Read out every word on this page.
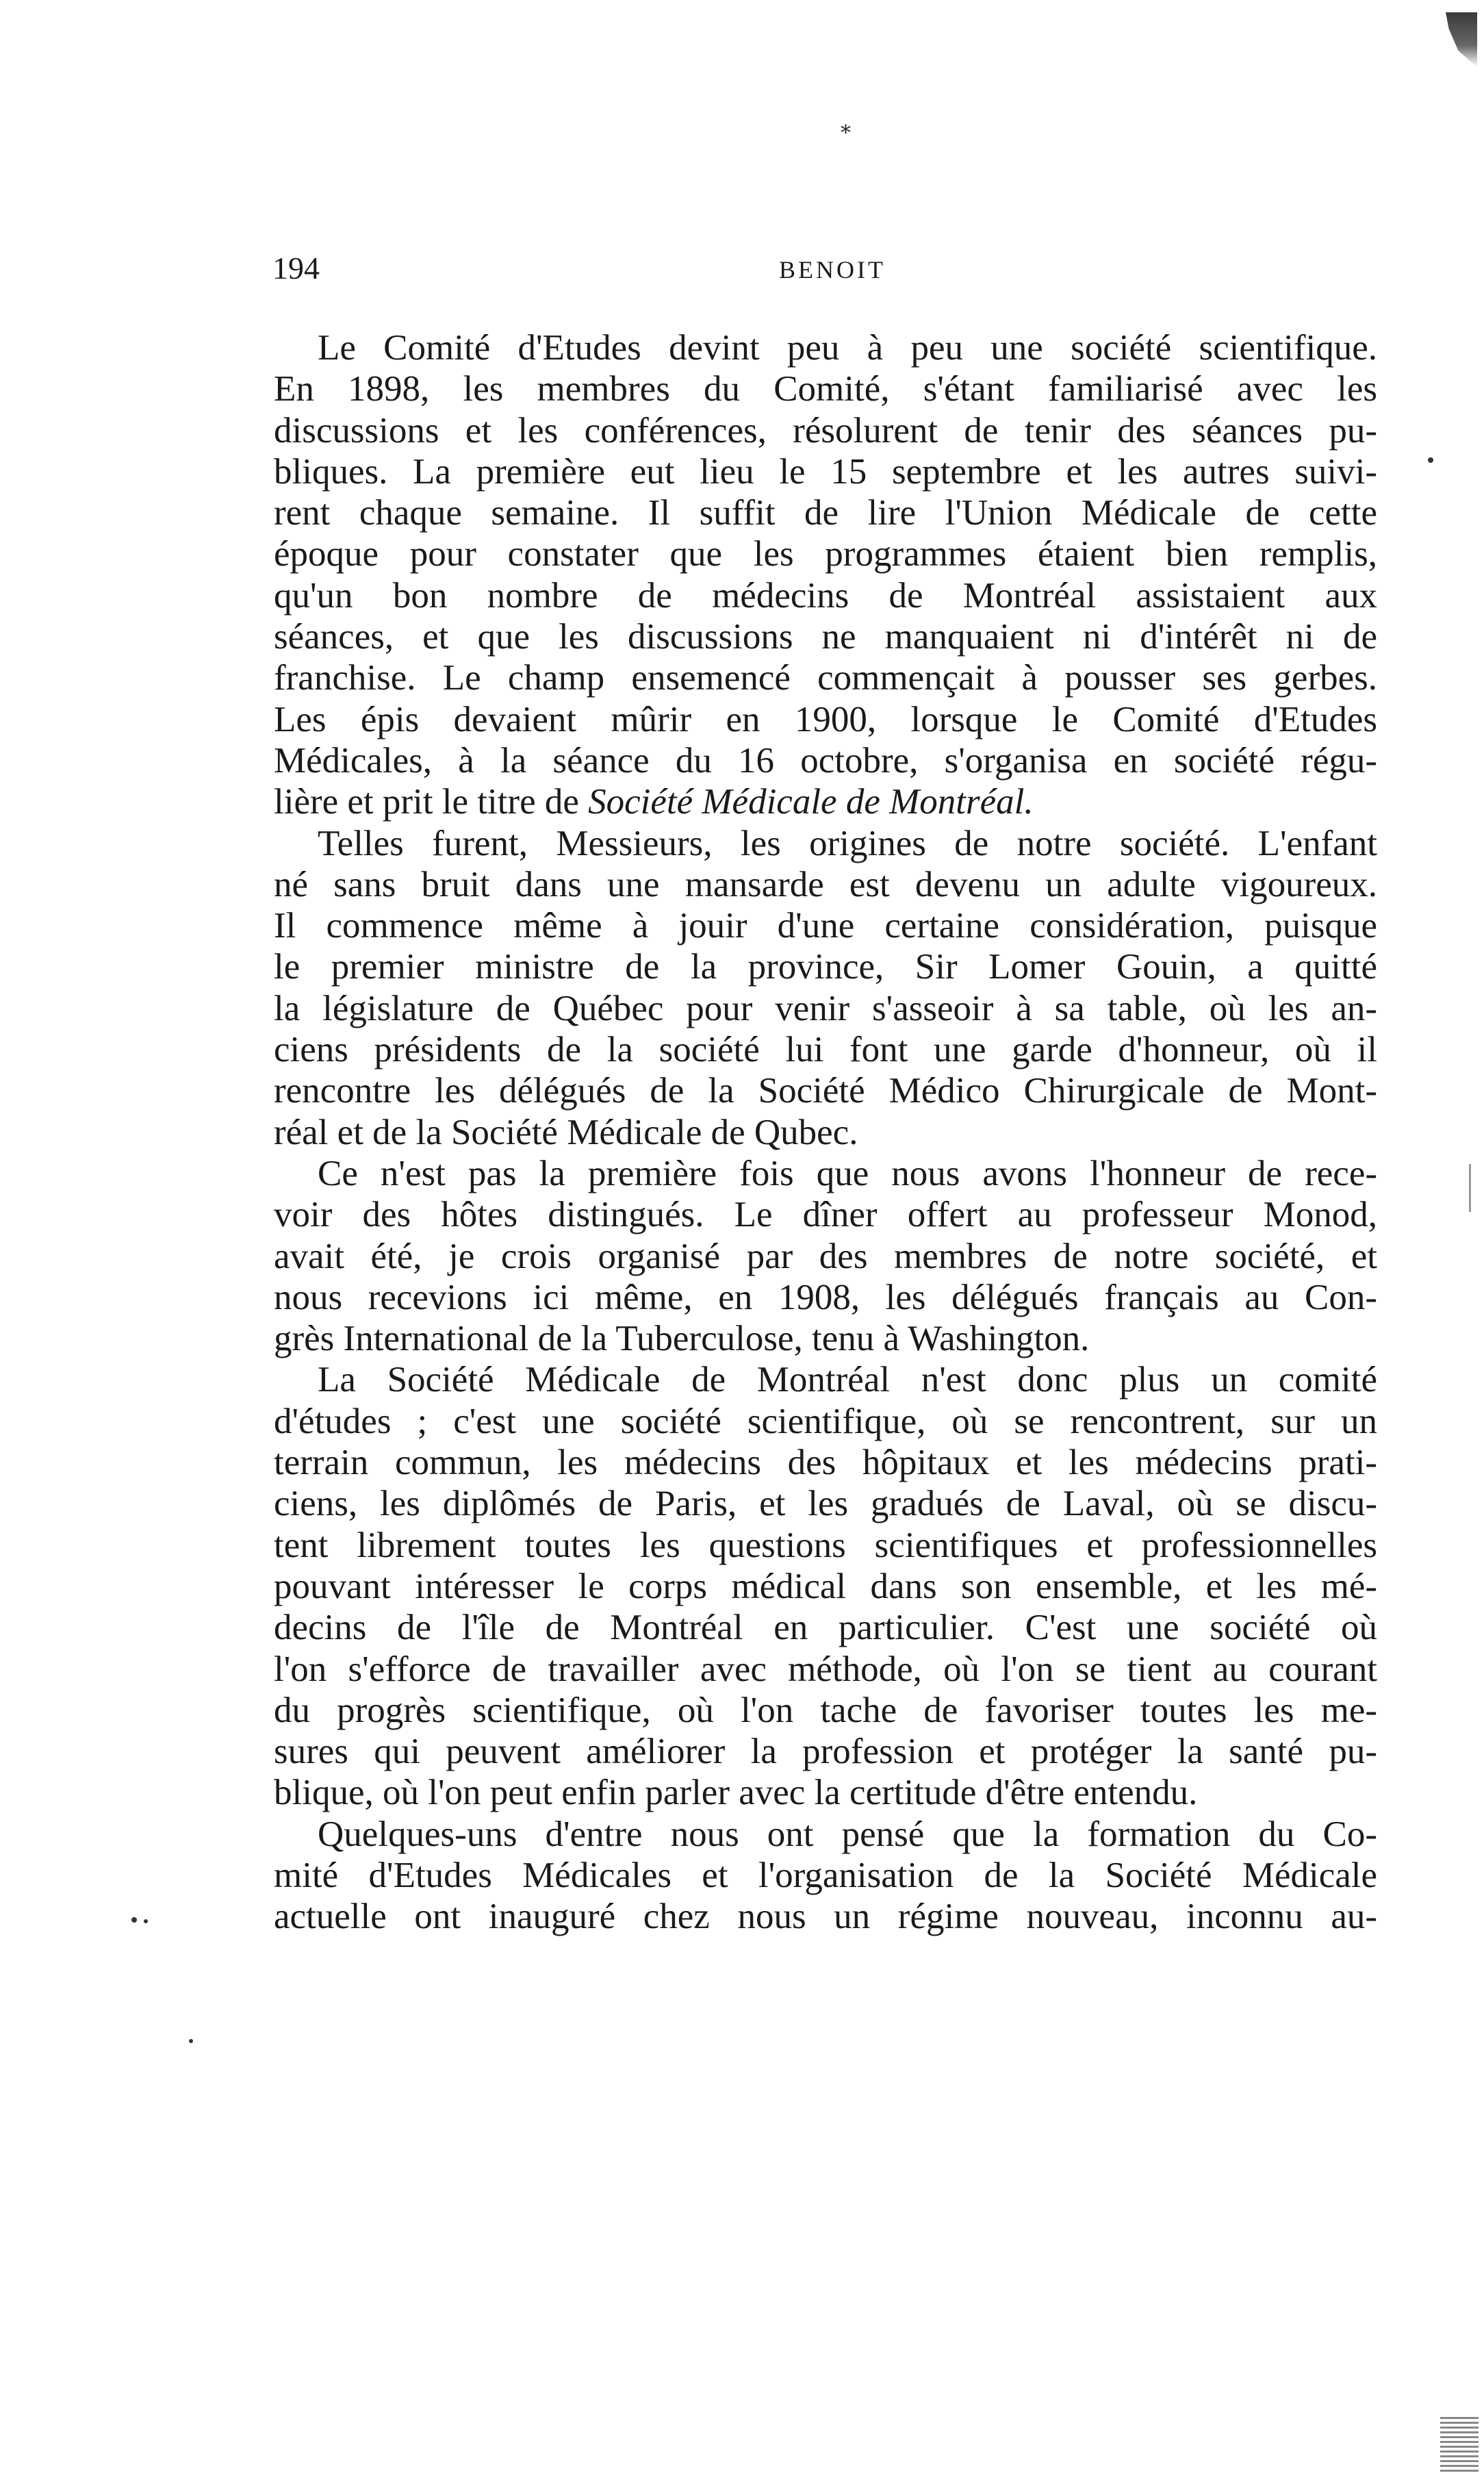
*
194	BENOIT

Le Comité d'Etudes devint peu à peu une société scientifique.
En 1898, les membres du Comité, s'étant familiarisé avec les
discussions et les conférences, résolurent de tenir des séances pu-
bliques. La première eut lieu le 15 septembre et les autres suivi-
rent chaque semaine. Il suffit de lire l'Union Médicale de cette
époque pour constater que les programmes étaient bien remplis,
qu'un bon nombre de médecins de Montréal assistaient aux
séances, et que les discussions ne manquaient ni d'intérêt ni de
franchise. Le champ ensemencé commençait à pousser ses gerbes.
Les épis devaient mûrir en 1900, lorsque le Comité d'Etudes
Médicales, à la séance du 16 octobre, s'organisa en société régu-
lière et prit le titre de Société Médicale de Montréal.

Telles furent, Messieurs, les origines de notre société. L'enfant
né sans bruit dans une mansarde est devenu un adulte vigoureux.
Il commence même à jouir d'une certaine considération, puisque
le premier ministre de la province, Sir Lomer Gouin, a quitté
la législature de Québec pour venir s'asseoir à sa table, où les an-
ciens présidents de la société lui font une garde d'honneur, où il
rencontre les délégués de la Société Médico Chirurgicale de Mont-
réal et de la Société Médicale de Qubec.

Ce n'est pas la première fois que nous avons l'honneur de rece-
voir des hôtes distingués. Le dîner offert au professeur Monod,
avait été, je crois organisé par des membres de notre société, et
nous recevions ici même, en 1908, les délégués français au Con-
grès International de la Tuberculose, tenu à Washington.

La Société Médicale de Montréal n'est donc plus un comité
d'études ; c'est une société scientifique, où se rencontrent, sur un
terrain commun, les médecins des hôpitaux et les médecins prati-
ciens, les diplômés de Paris, et les gradués de Laval, où se discu-
tent librement toutes les questions scientifiques et professionnelles
pouvant intéresser le corps médical dans son ensemble, et les mé-
decins de l'île de Montréal en particulier. C'est une société où
l'on s'efforce de travailler avec méthode, où l'on se tient au courant
du progrès scientifique, où l'on tache de favoriser toutes les me-
sures qui peuvent améliorer la profession et protéger la santé pu-
blique, où l'on peut enfin parler avec la certitude d'être entendu.

Quelques-uns d'entre nous ont pensé que la formation du Co-
mité d'Etudes Médicales et l'organisation de la Société Médicale
actuelle ont inauguré chez nous un régime nouveau, inconnu au-
